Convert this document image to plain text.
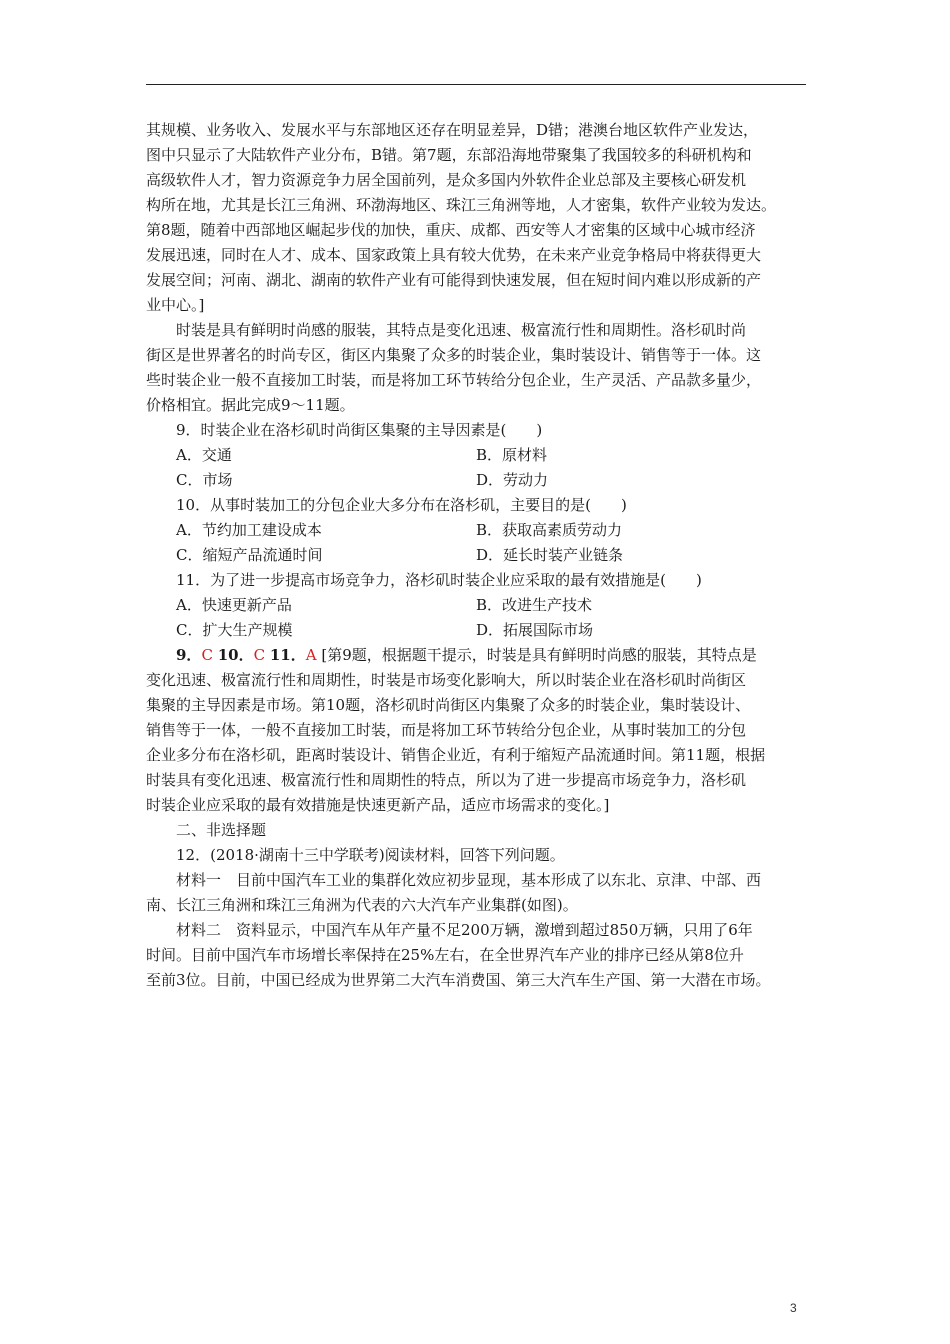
其规模、业务收入、发展水平与东部地区还存在明显差异，D错；港澳台地区软件产业发达，
图中只显示了大陆软件产业分布，B错。第7题，东部沿海地带聚集了我国较多的科研机构和
高级软件人才，智力资源竞争力居全国前列，是众多国内外软件企业总部及主要核心研发机
构所在地，尤其是长江三角洲、环渤海地区、珠江三角洲等地，人才密集，软件产业较为发达。
第8题，随着中西部地区崛起步伐的加快，重庆、成都、西安等人才密集的区域中心城市经济
发展迅速，同时在人才、成本、国家政策上具有较大优势，在未来产业竞争格局中将获得更大
发展空间；河南、湖北、湖南的软件产业有可能得到快速发展，但在短时间内难以形成新的产
业中心。]
时装是具有鲜明时尚感的服装，其特点是变化迅速、极富流行性和周期性。洛杉矶时尚
街区是世界著名的时尚专区，街区内集聚了众多的时装企业，集时装设计、销售等于一体。这
些时装企业一般不直接加工时装，而是将加工环节转给分包企业，生产灵活、产品款多量少，
价格相宜。据此完成9～11题。
9．时装企业在洛杉矶时尚街区集聚的主导因素是(　　)
A．交通	B．原材料
C．市场	D．劳动力
10．从事时装加工的分包企业大多分布在洛杉矶，主要目的是(　　)
A．节约加工建设成本	B．获取高素质劳动力
C．缩短产品流通时间	D．延长时装产业链条
11．为了进一步提高市场竞争力，洛杉矶时装企业应采取的最有效措施是(　　)
A．快速更新产品	B．改进生产技术
C．扩大生产规模	D．拓展国际市场
9．C 10．C 11．A [第9题，根据题干提示，时装是具有鲜明时尚感的服装，其特点是
变化迅速、极富流行性和周期性，时装是市场变化影响大，所以时装企业在洛杉矶时尚街区
集聚的主导因素是市场。第10题，洛杉矶时尚街区内集聚了众多的时装企业，集时装设计、
销售等于一体，一般不直接加工时装，而是将加工环节转给分包企业，从事时装加工的分包
企业多分布在洛杉矶，距离时装设计、销售企业近，有利于缩短产品流通时间。第11题，根据
时装具有变化迅速、极富流行性和周期性的特点，所以为了进一步提高市场竞争力，洛杉矶
时装企业应采取的最有效措施是快速更新产品，适应市场需求的变化。]
二、非选择题
12．(2018·湖南十三中学联考)阅读材料，回答下列问题。
材料一　目前中国汽车工业的集群化效应初步显现，基本形成了以东北、京津、中部、西
南、长江三角洲和珠江三角洲为代表的六大汽车产业集群(如图)。
材料二　资料显示，中国汽车从年产量不足200万辆，激增到超过850万辆，只用了6年
时间。目前中国汽车市场增长率保持在25%左右，在全世界汽车产业的排序已经从第8位升
至前3位。目前，中国已经成为世界第二大汽车消费国、第三大汽车生产国、第一大潜在市场。
3
